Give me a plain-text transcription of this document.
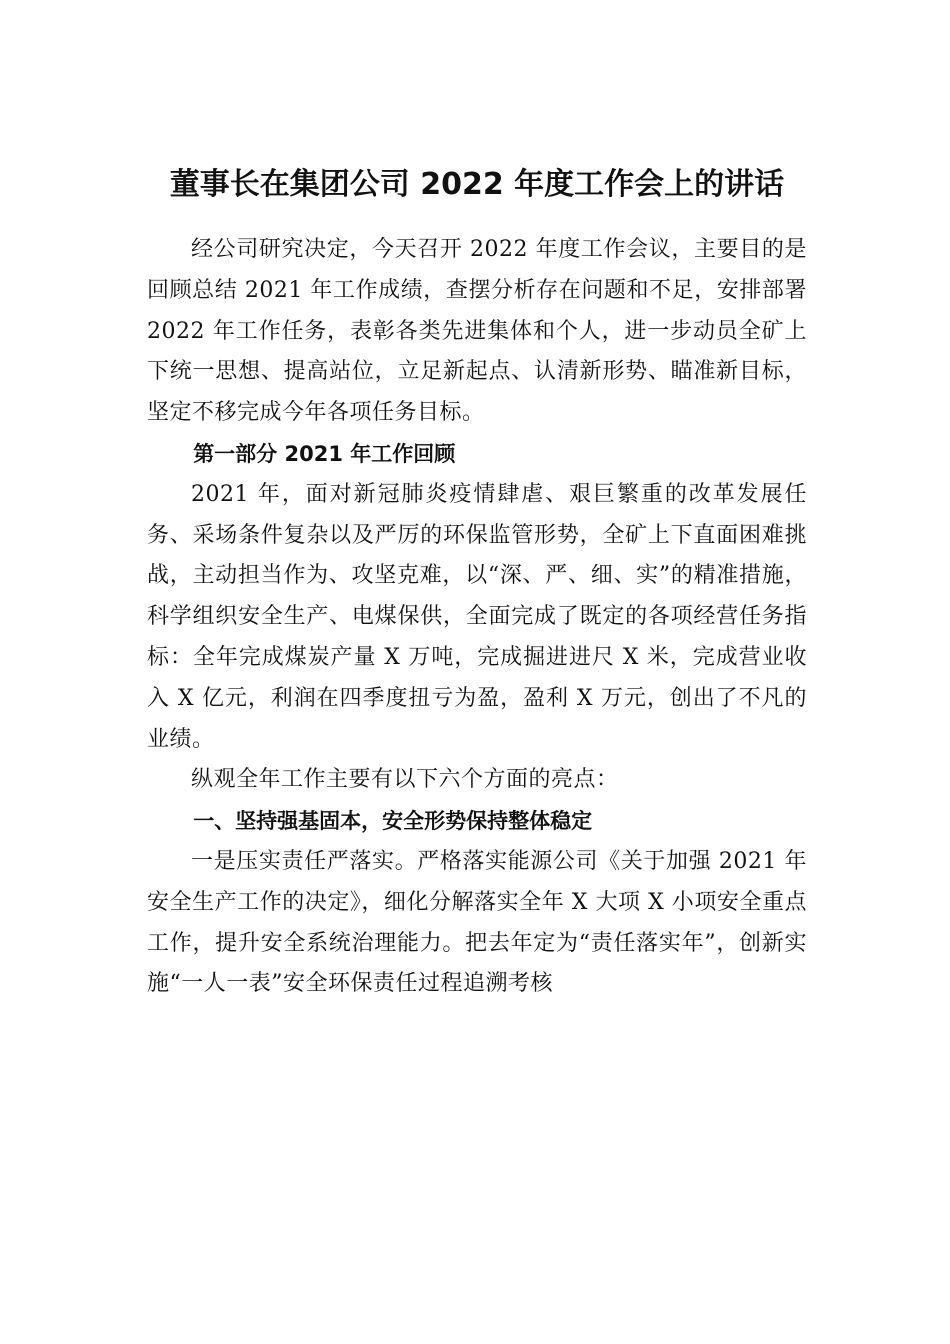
董事长在集团公司 2022 年度工作会上的讲话

经公司研究决定，今天召开 2022 年度工作会议，主要目的是回顾总结 2021 年工作成绩，查摆分析存在问题和不足，安排部署 2022 年工作任务，表彰各类先进集体和个人，进一步动员全矿上下统一思想、提高站位，立足新起点、认清新形势、瞄准新目标，坚定不移完成今年各项任务目标。

第一部分 2021 年工作回顾

2021 年，面对新冠肺炎疫情肆虐、艰巨繁重的改革发展任务、采场条件复杂以及严厉的环保监管形势，全矿上下直面困难挑战，主动担当作为、攻坚克难，以“深、严、细、实”的精准措施，科学组织安全生产、电煤保供，全面完成了既定的各项经营任务指标：全年完成煤炭产量 X 万吨，完成掘进进尺 X 米，完成营业收入 X 亿元，利润在四季度扭亏为盈，盈利 X 万元，创出了不凡的业绩。

纵观全年工作主要有以下六个方面的亮点：

一、坚持强基固本，安全形势保持整体稳定

一是压实责任严落实。严格落实能源公司《关于加强 2021 年安全生产工作的决定》，细化分解落实全年 X 大项 X 小项安全重点工作，提升安全系统治理能力。把去年定为“责任落实年”，创新实施“一人一表”安全环保责任过程追溯考核
